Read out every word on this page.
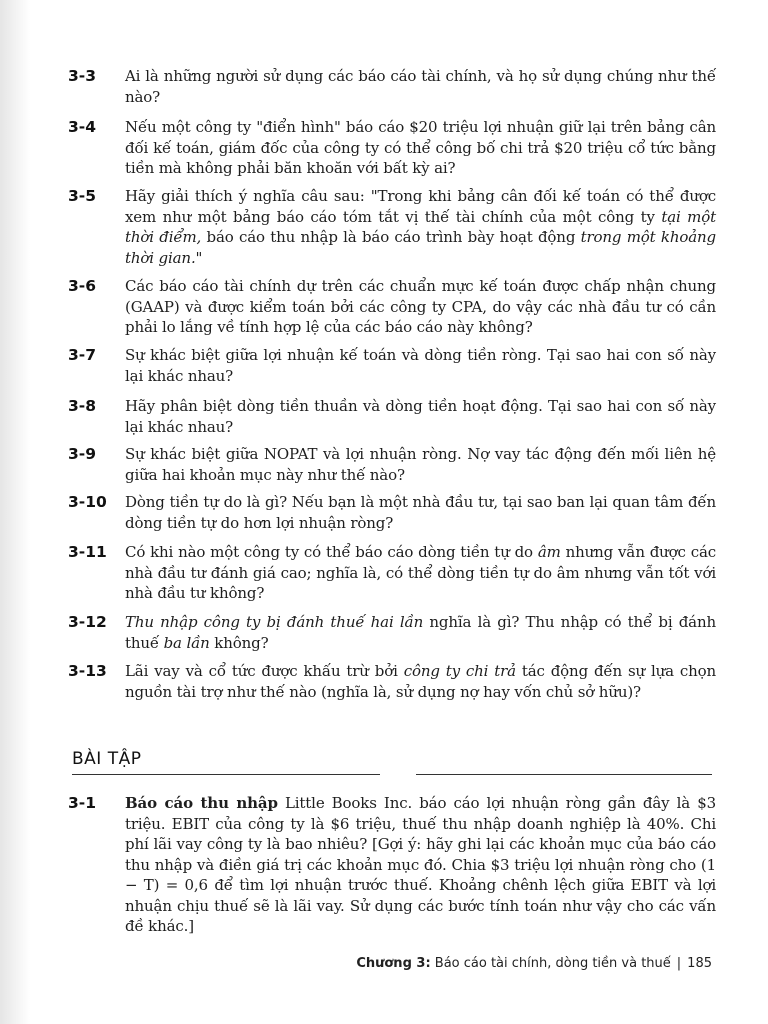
3-3	Ai là những người sử dụng các báo cáo tài chính, và họ sử dụng chúng như thế nào?
3-4	Nếu một công ty "điển hình" báo cáo $20 triệu lợi nhuận giữ lại trên bảng cân đối kế toán, giám đốc của công ty có thể công bố chi trả $20 triệu cổ tức bằng tiền mà không phải băn khoăn với bất kỳ ai?
3-5	Hãy giải thích ý nghĩa câu sau: "Trong khi bảng cân đối kế toán có thể được xem như một bảng báo cáo tóm tắt vị thế tài chính của một công ty tại một thời điểm, báo cáo thu nhập là báo cáo trình bày hoạt động trong một khoảng thời gian."
3-6	Các báo cáo tài chính dự trên các chuẩn mực kế toán được chấp nhận chung (GAAP) và được kiểm toán bởi các công ty CPA, do vậy các nhà đầu tư có cần phải lo lắng về tính hợp lệ của các báo cáo này không?
3-7	Sự khác biệt giữa lợi nhuận kế toán và dòng tiền ròng. Tại sao hai con số này lại khác nhau?
3-8	Hãy phân biệt dòng tiền thuần và dòng tiền hoạt động. Tại sao hai con số này lại khác nhau?
3-9	Sự khác biệt giữa NOPAT và lợi nhuận ròng. Nợ vay tác động đến mối liên hệ giữa hai khoản mục này như thế nào?
3-10	Dòng tiền tự do là gì? Nếu bạn là một nhà đầu tư, tại sao ban lại quan tâm đến dòng tiền tự do hơn lợi nhuận ròng?
3-11	Có khi nào một công ty có thể báo cáo dòng tiền tự do âm nhưng vẫn được các nhà đầu tư đánh giá cao; nghĩa là, có thể dòng tiền tự do âm nhưng vẫn tốt với nhà đầu tư không?
3-12	Thu nhập công ty bị đánh thuế hai lần nghĩa là gì? Thu nhập có thể bị đánh thuế ba lần không?
3-13	Lãi vay và cổ tức được khấu trừ bởi công ty chi trả tác động đến sự lựa chọn nguồn tài trợ như thế nào (nghĩa là, sử dụng nợ hay vốn chủ sở hữu)?
BÀI TẬP
3-1	Báo cáo thu nhập Little Books Inc. báo cáo lợi nhuận ròng gần đây là $3 triệu. EBIT của công ty là $6 triệu, thuế thu nhập doanh nghiệp là 40%. Chi phí lãi vay công ty là bao nhiêu? [Gợi ý: hãy ghi lại các khoản mục của báo cáo thu nhập và điền giá trị các khoản mục đó. Chia $3 triệu lợi nhuận ròng cho (1 − T) = 0,6 để tìm lợi nhuận trước thuế. Khoảng chênh lệch giữa EBIT và lợi nhuận chịu thuế sẽ là lãi vay. Sử dụng các bước tính toán như vậy cho các vấn đề khác.]
Chương 3: Báo cáo tài chính, dòng tiền và thuế | 185
